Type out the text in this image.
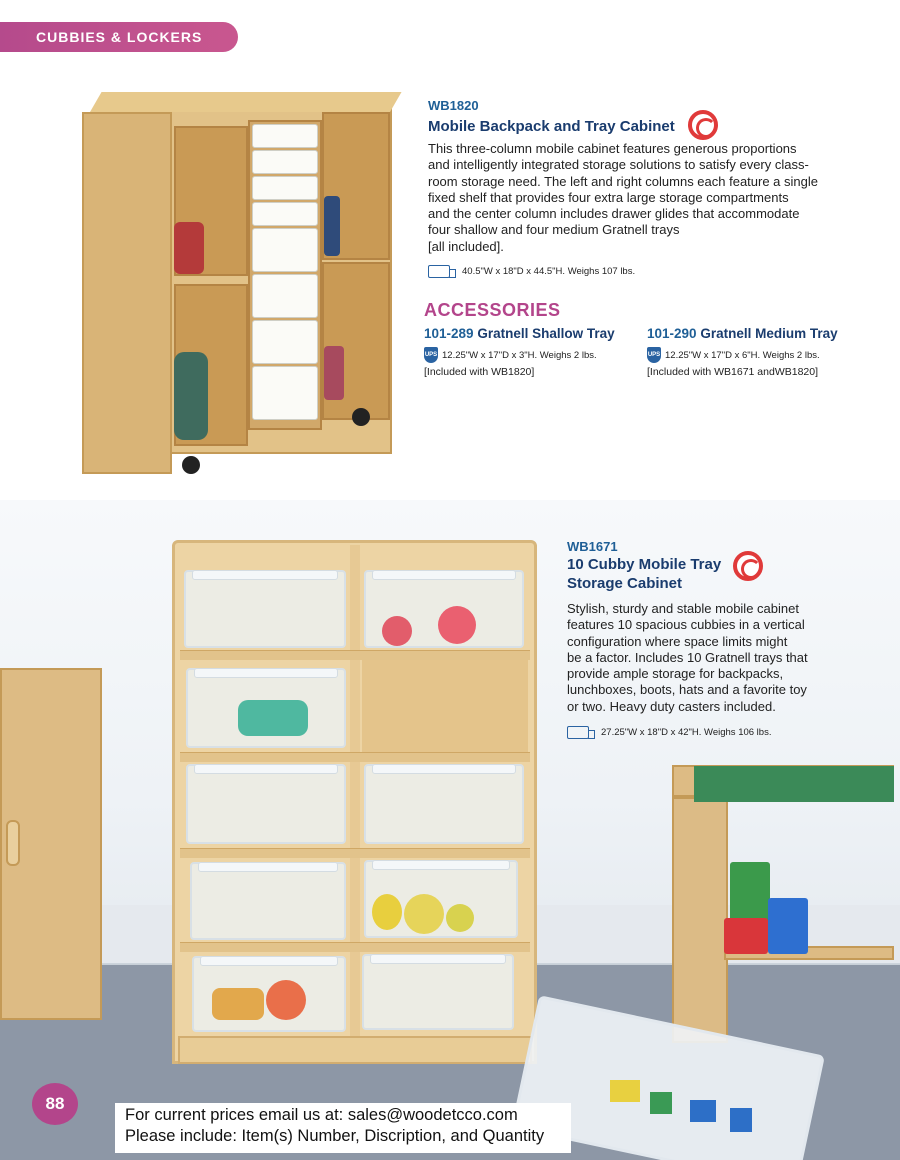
CUBBIES & LOCKERS
WB1820
Mobile Backpack and Tray Cabinet
This three-column mobile cabinet features generous proportions
and intelligently integrated storage solutions to satisfy every class-
room storage need. The left and right columns each feature a single
fixed shelf that provides four extra large storage compartments
and the center column includes drawer glides that accommodate
four shallow and four medium Gratnell trays
[all included].
40.5"W x 18"D x 44.5"H. Weighs 107 lbs.
ACCESSORIES
101-289 Gratnell Shallow Tray
UPS 12.25"W x 17"D x 3"H. Weighs 2 lbs.
[Included with WB1820]
101-290 Gratnell Medium Tray
UPS 12.25"W x 17"D x 6"H. Weighs 2 lbs.
[Included with WB1671 andWB1820]
WB1671
10 Cubby Mobile Tray
Storage Cabinet
Stylish, sturdy and stable mobile cabinet
features 10 spacious cubbies in a vertical
configuration where space limits might
be a factor. Includes 10 Gratnell trays that
provide ample storage for backpacks,
lunchboxes, boots, hats and a favorite toy
or two. Heavy duty casters included.
27.25"W x 18"D x 42"H. Weighs 106 lbs.
88
For current prices email us at: sales@woodetcco.com
Please include: Item(s) Number, Discription, and Quantity
